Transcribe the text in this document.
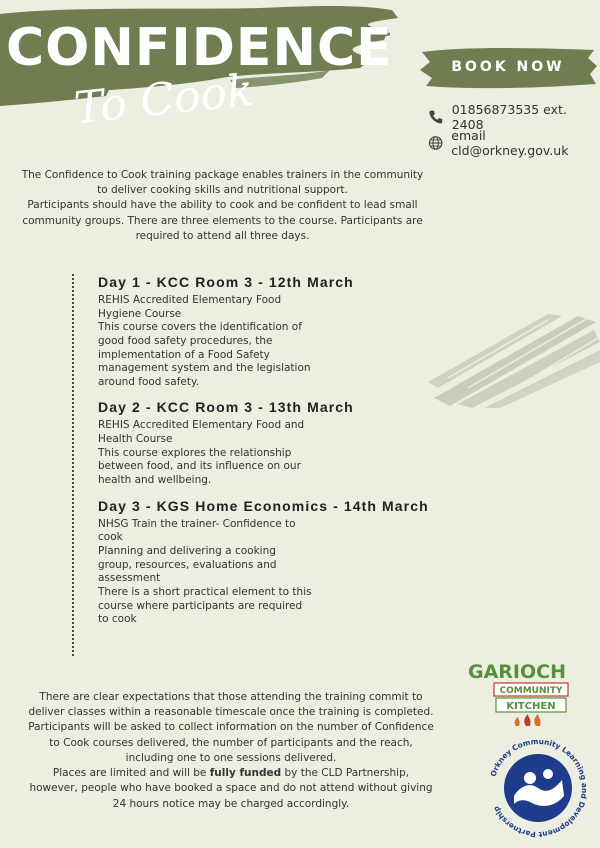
CONFIDENCE
To Cook	BOOK NOW
01856873535 ext. 2408
email cld@orkney.gov.uk

The Confidence to Cook training package enables trainers in the community to deliver cooking skills and nutritional support.

Participants should have the ability to cook and be confident to lead small community groups. There are three elements to the course. Participants are required to attend all three days.

Day 1 - KCC Room 3 - 12th March

REHIS Accredited Elementary Food Hygiene Course

This course covers the identification of good food safety procedures, the implementation of a Food Safety management system and the legislation around food safety.

Day 2 - KCC Room 3 - 13th March

REHIS Accredited Elementary Food and Health Course

This course explores the relationship between food, and its influence on our health and wellbeing.

Day 3 - KGS Home Economics - 14th March

NHSG Train the trainer- Confidence to cook

Planning and delivering a cooking group, resources, evaluations and assessment

There is a short practical element to this course where participants are required to cook

GARIOCH
COMMUNITY
KITCHEN
Orkney Community Learning and Development Partnership

There are clear expectations that those attending the training commit to deliver classes within a reasonable timescale once the training is completed.

Participants will be asked to collect information on the number of Confidence to Cook courses delivered, the number of participants and the reach, including one to one sessions delivered.

Places are limited and will be fully funded by the CLD Partnership, however, people who have booked a space and do not attend without giving 24 hours notice may be charged accordingly.
